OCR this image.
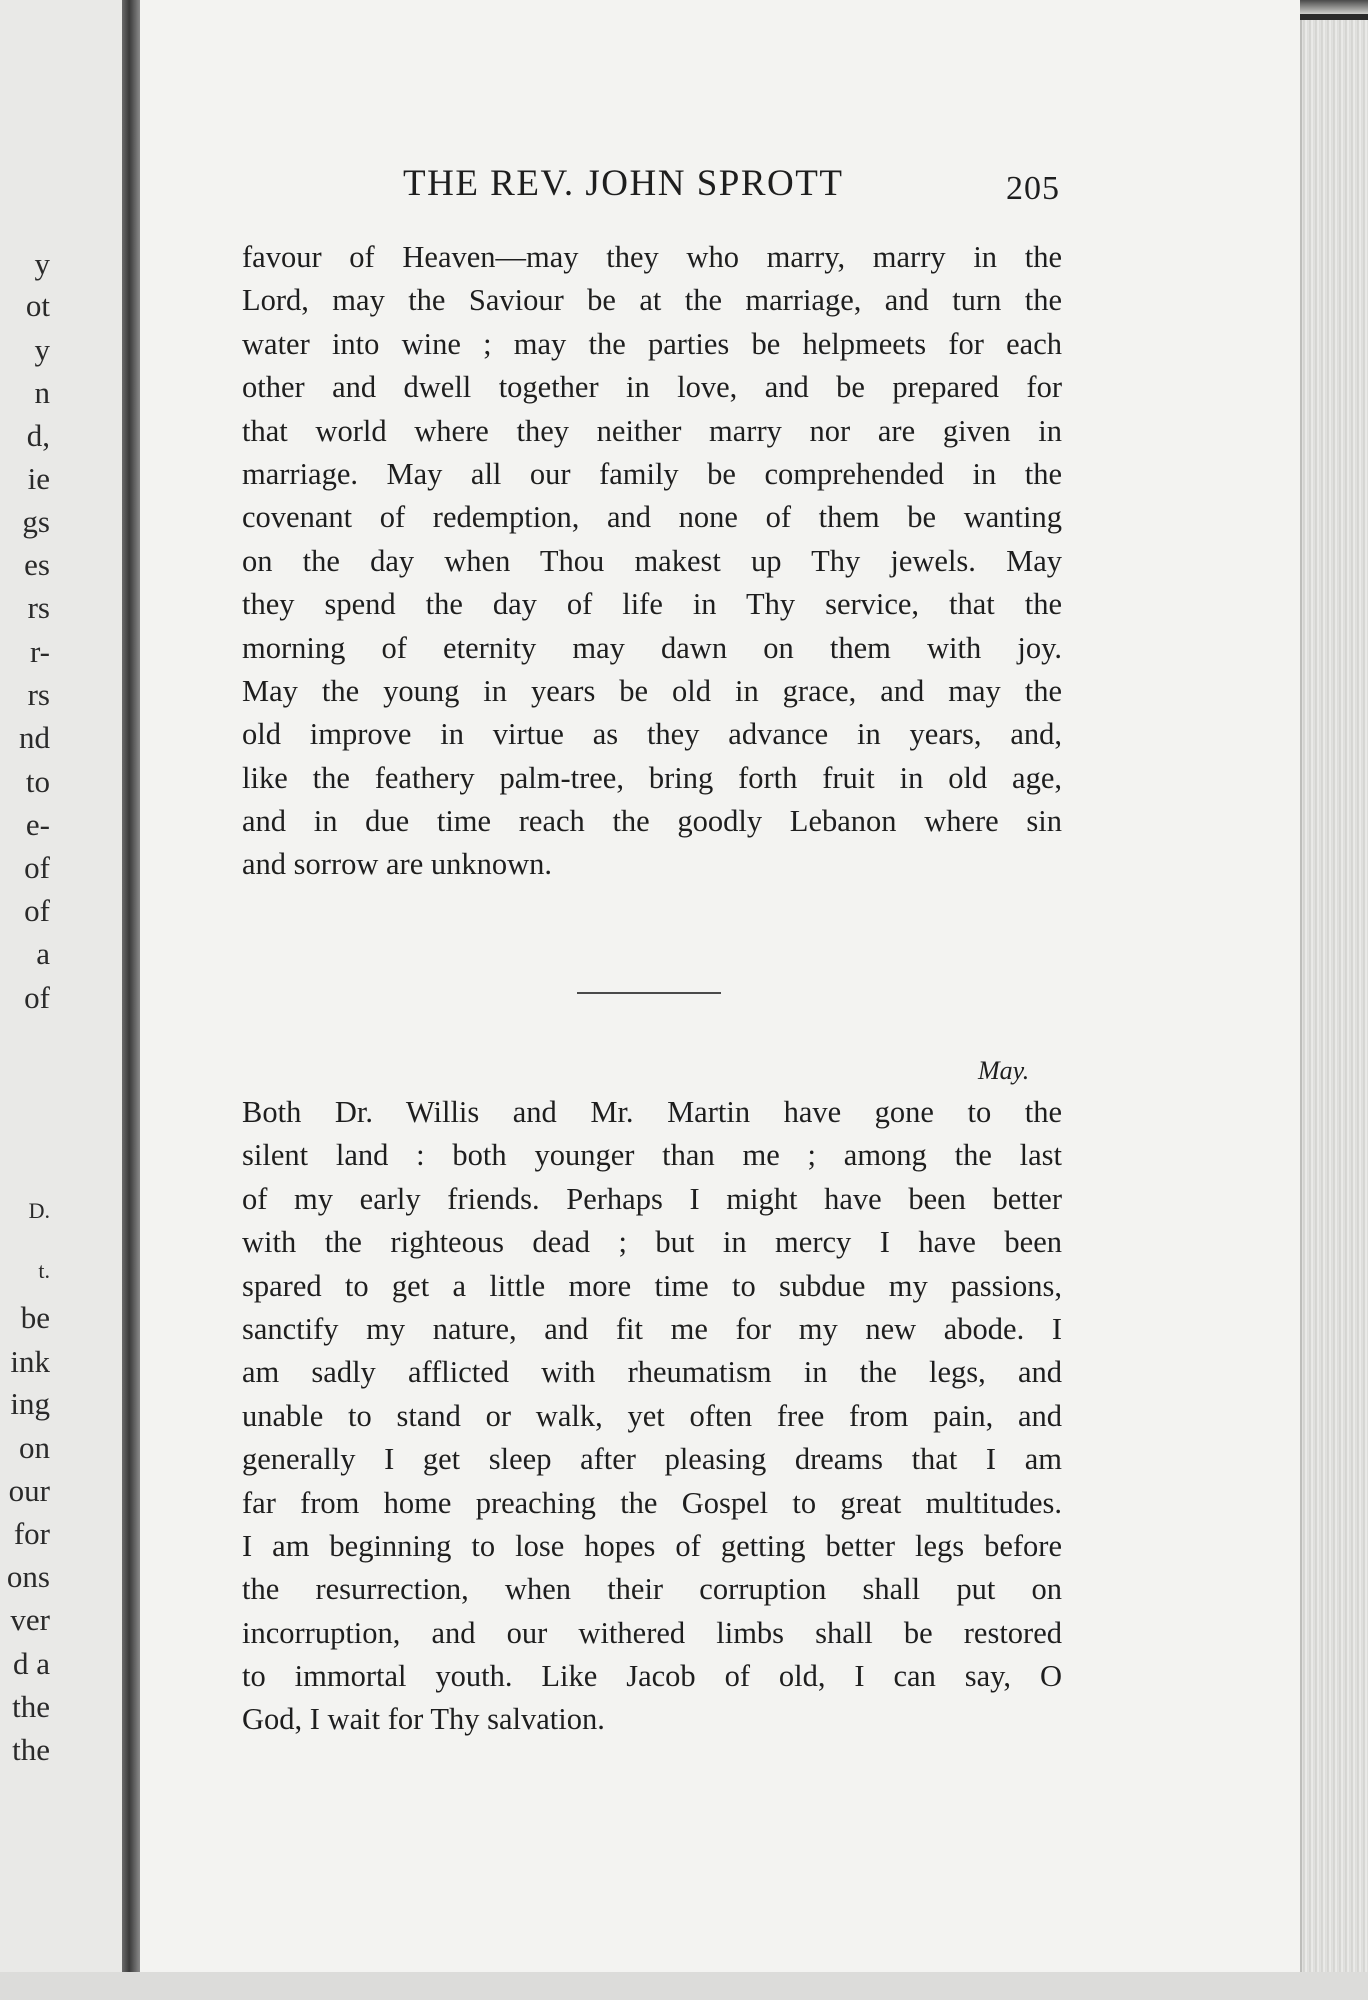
y
ot
y
n
d,
ie
gs
es
rs
r-
rs
nd
to
e-
of
of
a
of
D.
t.
be
ink
ing
on
our
for
ons
ver
d a
the
the
THE REV. JOHN SPROTT	205
favour of Heaven—may they who marry, marry in the
Lord, may the Saviour be at the marriage, and turn the
water into wine ; may the parties be helpmeets for each
other and dwell together in love, and be prepared for
that world where they neither marry nor are given in
marriage. May all our family be comprehended in the
covenant of redemption, and none of them be wanting
on the day when Thou makest up Thy jewels. May
they spend the day of life in Thy service, that the
morning of eternity may dawn on them with joy.
May the young in years be old in grace, and may the
old improve in virtue as they advance in years, and,
like the feathery palm-tree, bring forth fruit in old age,
and in due time reach the goodly Lebanon where sin
and sorrow are unknown.
May.
Both Dr. Willis and Mr. Martin have gone to the
silent land : both younger than me ; among the last
of my early friends. Perhaps I might have been better
with the righteous dead ; but in mercy I have been
spared to get a little more time to subdue my passions,
sanctify my nature, and fit me for my new abode. I
am sadly afflicted with rheumatism in the legs, and
unable to stand or walk, yet often free from pain, and
generally I get sleep after pleasing dreams that I am
far from home preaching the Gospel to great multitudes.
I am beginning to lose hopes of getting better legs before
the resurrection, when their corruption shall put on
incorruption, and our withered limbs shall be restored
to immortal youth. Like Jacob of old, I can say, O
God, I wait for Thy salvation.
